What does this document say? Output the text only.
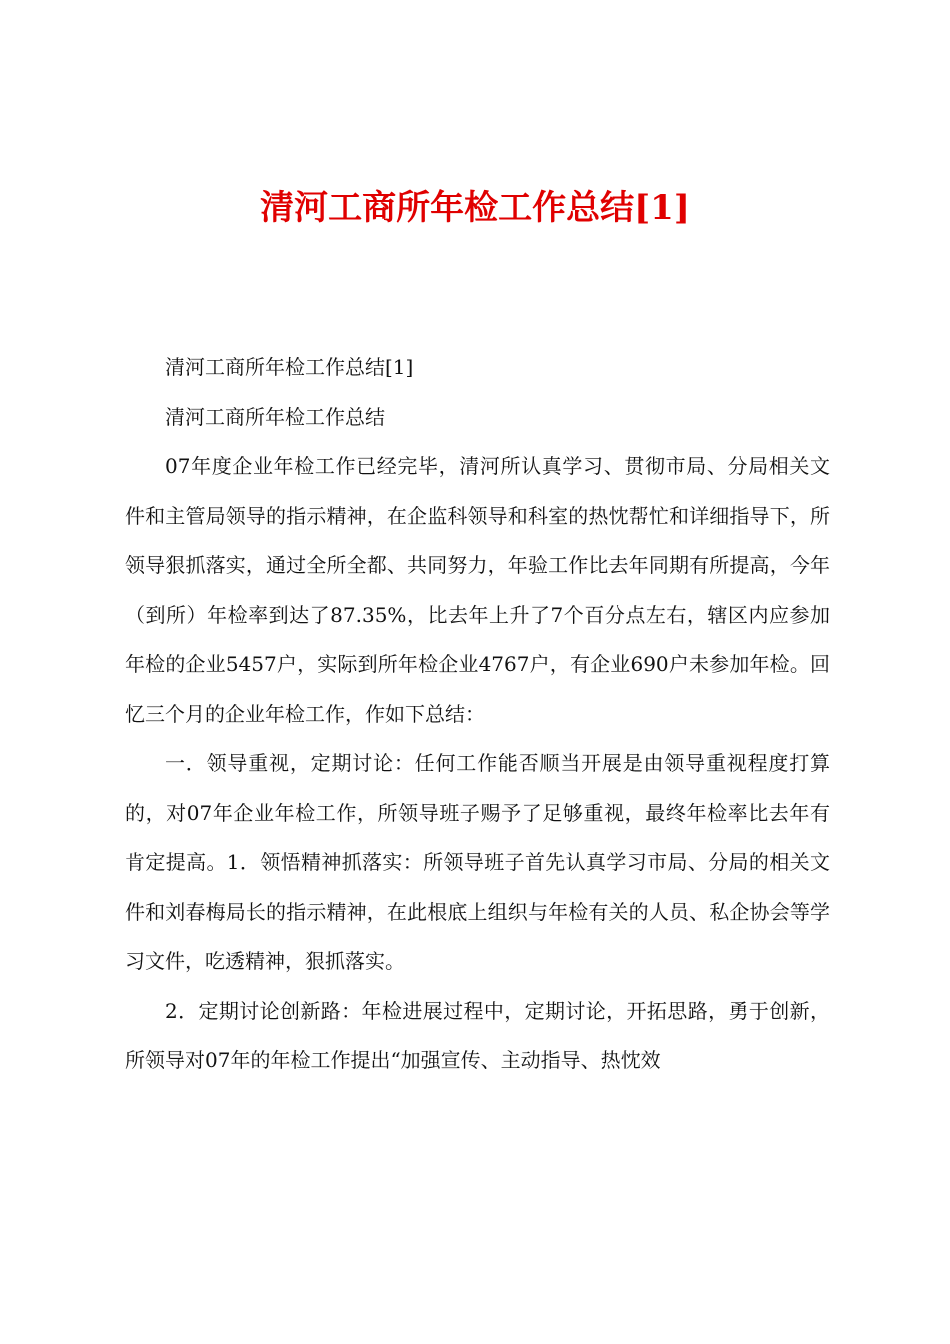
清河工商所年检工作总结[1]

清河工商所年检工作总结[1]

清河工商所年检工作总结

07年度企业年检工作已经完毕，清河所认真学习、贯彻市局、分局相关文件和主管局领导的指示精神，在企监科领导和科室的热忱帮忙和详细指导下，所领导狠抓落实，通过全所全都、共同努力，年验工作比去年同期有所提高，今年（到所）年检率到达了87.35%，比去年上升了7个百分点左右，辖区内应参加年检的企业5457户，实际到所年检企业4767户，有企业690户未参加年检。回忆三个月的企业年检工作，作如下总结：

一．领导重视，定期讨论：任何工作能否顺当开展是由领导重视程度打算的，对07年企业年检工作，所领导班子赐予了足够重视，最终年检率比去年有肯定提高。1．领悟精神抓落实：所领导班子首先认真学习市局、分局的相关文件和刘春梅局长的指示精神，在此根底上组织与年检有关的人员、私企协会等学习文件，吃透精神，狠抓落实。

2．定期讨论创新路：年检进展过程中，定期讨论，开拓思路，勇于创新，所领导对07年的年检工作提出“加强宣传、主动指导、热忱效
